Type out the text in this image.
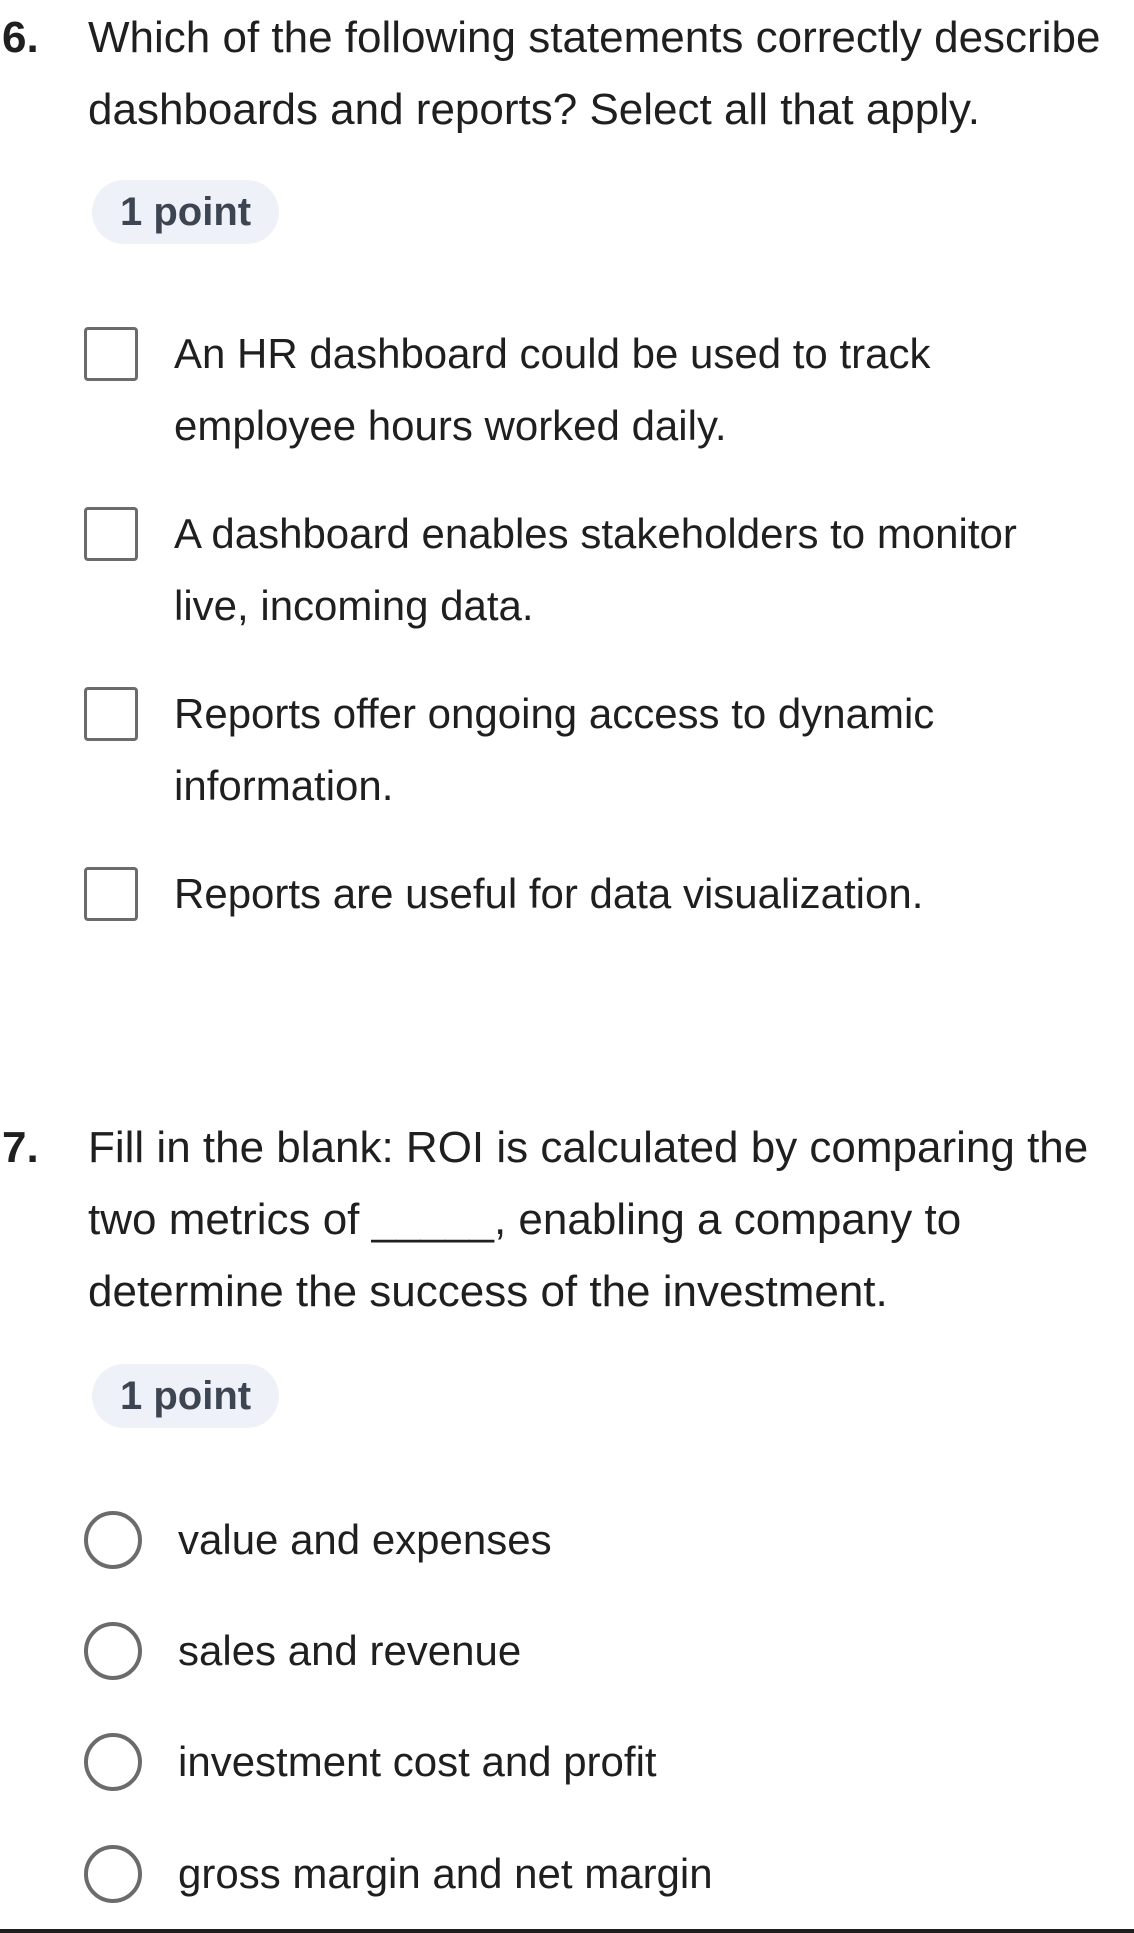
6.	Which of the following statements correctly describe
dashboards and reports? Select all that apply.
1 point
An HR dashboard could be used to track
employee hours worked daily.
A dashboard enables stakeholders to monitor
live, incoming data.
Reports offer ongoing access to dynamic
information.
Reports are useful for data visualization.
7.	Fill in the blank: ROI is calculated by comparing the
two metrics of _____, enabling a company to
determine the success of the investment.
1 point
value and expenses
sales and revenue
investment cost and profit
gross margin and net margin
